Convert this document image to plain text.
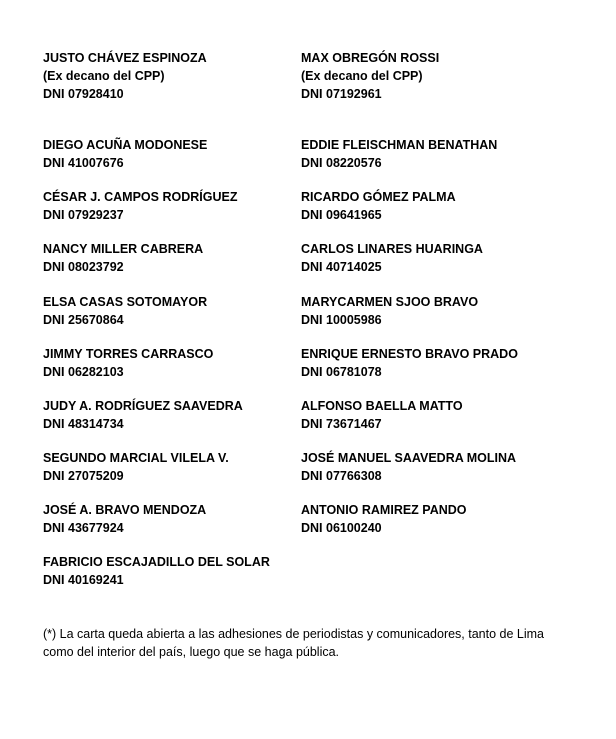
JUSTO CHÁVEZ ESPINOZA
(Ex decano del CPP)
DNI 07928410
MAX OBREGÓN ROSSI
(Ex decano del CPP)
DNI 07192961
DIEGO ACUÑA MODONESE
DNI 41007676
EDDIE FLEISCHMAN BENATHAN
DNI 08220576
CÉSAR J. CAMPOS RODRÍGUEZ
DNI 07929237
RICARDO GÓMEZ PALMA
DNI 09641965
NANCY MILLER CABRERA
DNI 08023792
CARLOS LINARES HUARINGA
DNI 40714025
ELSA CASAS SOTOMAYOR
DNI 25670864
MARYCARMEN SJOO BRAVO
DNI 10005986
JIMMY TORRES CARRASCO
DNI 06282103
ENRIQUE ERNESTO BRAVO PRADO
DNI 06781078
JUDY A. RODRÍGUEZ SAAVEDRA
DNI 48314734
ALFONSO BAELLA MATTO
DNI 73671467
SEGUNDO MARCIAL VILELA V.
DNI 27075209
JOSÉ MANUEL SAAVEDRA MOLINA
DNI 07766308
JOSÉ A. BRAVO MENDOZA
DNI 43677924
ANTONIO RAMIREZ PANDO
DNI 06100240
FABRICIO ESCAJADILLO DEL SOLAR
DNI 40169241

(*) La carta queda abierta a las adhesiones de periodistas y comunicadores, tanto de Lima como del interior del país, luego que se haga pública.
